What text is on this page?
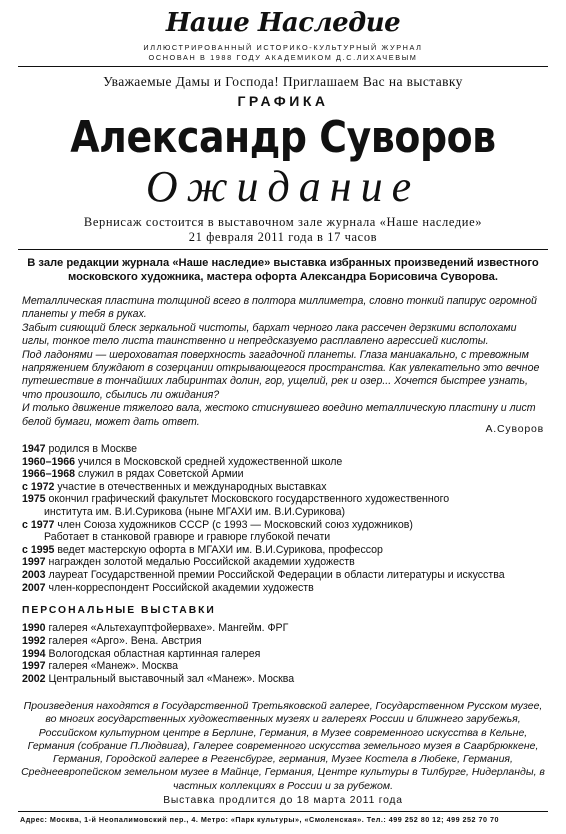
Наше Наследие
ИЛЛЮСТРИРОВАННЫЙ ИСТОРИКО-КУЛЬТУРНЫЙ ЖУРНАЛ
ОСНОВАН В 1988 ГОДУ АКАДЕМИКОМ Д.С.ЛИХАЧЕВЫМ
Уважаемые Дамы и Господа! Приглашаем Вас на выставку
ГРАФИКА
Александр Суворов
Ожидание
Вернисаж состоится в выставочном зале журнала «Наше наследие»
21 февраля 2011 года в 17 часов
В зале редакции журнала «Наше наследие» выставка избранных произведений известного московского художника, мастера офорта Александра Борисовича Суворова.

Металлическая пластина толщиной всего в полтора миллиметра, словно тонкий папирус огромной планеты у тебя в руках.

Забыт сияющий блеск зеркальной чистоты, бархат черного лака рассечен дерзкими всполохами иглы, тонкое тело листа таинственно и непредсказуемо расплавлено агрессией кислоты.

Под ладонями — шероховатая поверхность загадочной планеты. Глаза маниакально, с тревожным напряжением блуждают в созерцании открывающегося пространства. Как увлекательно это вечное путешествие в тончайших лабиринтах долин, гор, ущелий, рек и озер... Хочется быстрее узнать, что произошло, сбылись ли ожидания?

И только движение тяжелого вала, жестоко стиснувшего воедино металлическую пластину и лист белой бумаги, может дать ответ.

А.Суворов
1947 родился в Москве
1960–1966 учился в Московской средней художественной школе
1966–1968 служил в рядах Советской Армии
с 1972 участие в отечественных и международных выставках
1975 окончил графический факультет Московского государственного художественного
института им. В.И.Сурикова (ныне МГАХИ им. В.И.Сурикова)
с 1977 член Союза художников СССР (с 1993 — Московский союз художников)
Работает в станковой гравюре и гравюре глубокой печати
с 1995 ведет мастерскую офорта в МГАХИ им. В.И.Сурикова, профессор
1997 награжден золотой медалью Российской академии художеств
2003 лауреат Государственной премии Российской Федерации в области литературы и искусства
2007 член-корреспондент Российской академии художеств
ПЕРСОНАЛЬНЫЕ ВЫСТАВКИ
1990 галерея «Альтехауптфойервахе». Мангейм. ФРГ
1992 галерея «Арго». Вена. Австрия
1994 Вологодская областная картинная галерея
1997 галерея «Манеж». Москва
2002 Центральный выставочный зал «Манеж». Москва
Произведения находятся в Государственной Третьяковской галерее, Государственном Русском музее, во многих государственных художественных музеях и галереях России и ближнего зарубежья, Российском культурном центре в Берлине, Германия, в Музее современного искусства в Кельне, Германия (собрание П.Людвига), Галерее современного искусства земельного музея в Саарбрюккене, Германия, Городской галерее в Регенсбурге, германия, Музее Костела в Любеке, Германия, Среднеевропейском земельном музее в Майнце, Германия, Центре культуры в Тилбурге, Нидерланды, в частных коллекциях в России и за рубежом.
Выставка продлится до 18 марта 2011 года
Адрес: Москва, 1-й Неопалимовский пер., 4. Метро: «Парк культуры», «Смоленская». Тел.: 499 252 80 12; 499 252 70 70
